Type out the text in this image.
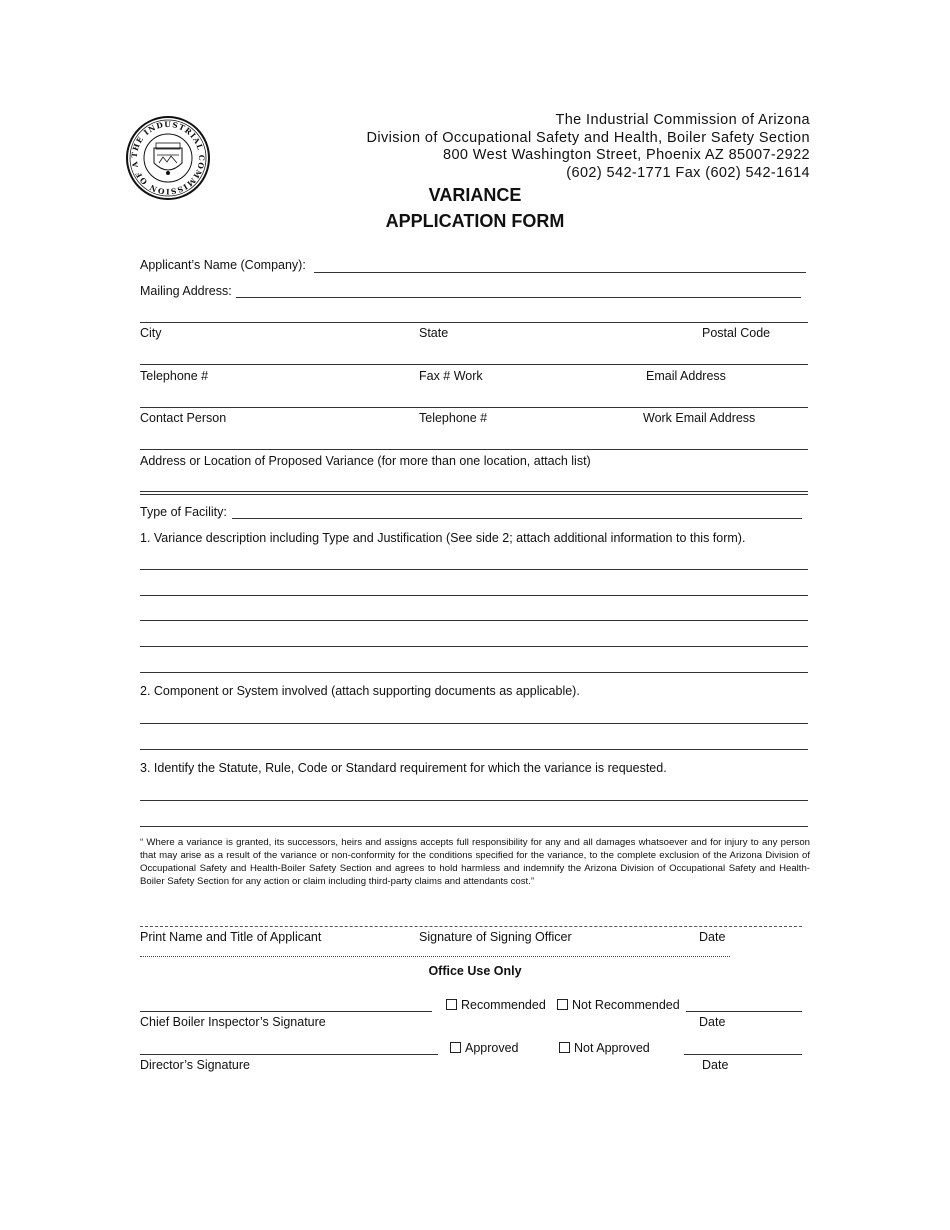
THE INDUSTRIAL COMMISSION OF A
The Industrial Commission of Arizona
Division of Occupational Safety and Health, Boiler Safety Section
800 West Washington Street, Phoenix AZ 85007-2922
(602) 542-1771 Fax (602) 542-1614
VARIANCE
APPLICATION FORM
Applicant’s Name (Company):
Mailing Address:
City	State	Postal Code
Telephone #	Fax # Work	Email Address
Contact Person	Telephone #	Work Email Address
Address or Location of Proposed Variance (for more than one location, attach list)
Type of Facility:
1. Variance description including Type and Justification (See side 2; attach additional information to this form).
2. Component or System involved (attach supporting documents as applicable).
3. Identify the Statute, Rule, Code or Standard requirement for which the variance is requested.
“ Where a variance is granted, its successors, heirs and assigns accepts full responsibility for any and all damages whatsoever and for injury to any person that may arise as a result of the variance or non-conformity for the conditions specified for the variance, to the complete exclusion of the Arizona Division of Occupational Safety and Health-Boiler Safety Section and agrees to hold harmless and indemnify the Arizona Division of Occupational Safety and Health-Boiler Safety Section for any action or claim including third-party claims and attendants cost.”
Print Name and Title of Applicant	Signature of Signing Officer	Date
Office Use Only
Recommended	Not Recommended
Chief Boiler Inspector’s Signature	Date
Approved	Not Approved
Director’s Signature	Date
